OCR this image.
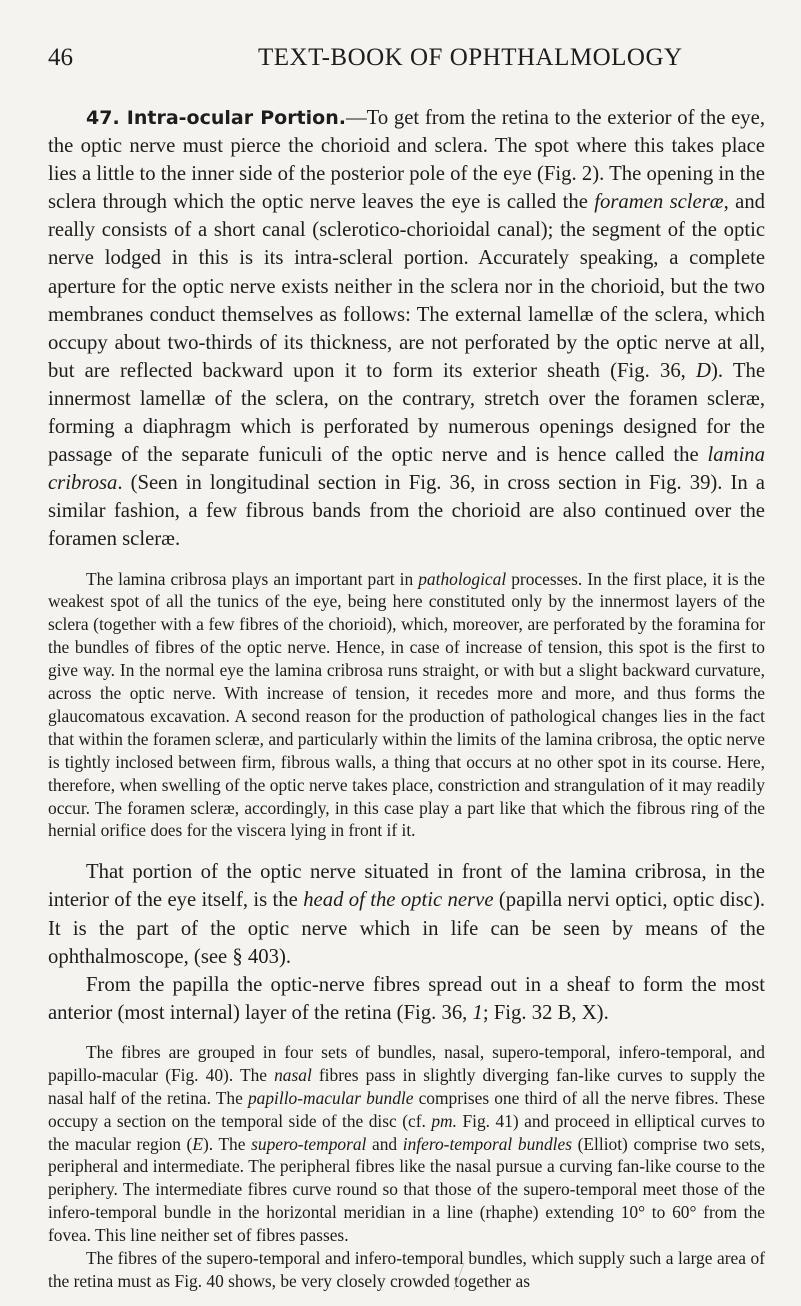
46	TEXT-BOOK OF OPHTHALMOLOGY

47. Intra-ocular Portion.—To get from the retina to the exterior of the eye, the optic nerve must pierce the chorioid and sclera. The spot where this takes place lies a little to the inner side of the posterior pole of the eye (Fig. 2). The opening in the sclera through which the optic nerve leaves the eye is called the foramen scleræ, and really consists of a short canal (sclerotico-chorioidal canal); the segment of the optic nerve lodged in this is its intra-scleral portion. Accurately speaking, a complete aperture for the optic nerve exists neither in the sclera nor in the chorioid, but the two membranes conduct themselves as follows: The external lamellæ of the sclera, which occupy about two-thirds of its thickness, are not perforated by the optic nerve at all, but are reflected backward upon it to form its exterior sheath (Fig. 36, D). The innermost lamellæ of the sclera, on the contrary, stretch over the foramen scleræ, forming a diaphragm which is perforated by numerous openings designed for the passage of the separate funiculi of the optic nerve and is hence called the lamina cribrosa. (Seen in longitudinal section in Fig. 36, in cross section in Fig. 39). In a similar fashion, a few fibrous bands from the chorioid are also continued over the foramen scleræ.

The lamina cribrosa plays an important part in pathological processes. In the first place, it is the weakest spot of all the tunics of the eye, being here constituted only by the innermost layers of the sclera (together with a few fibres of the chorioid), which, moreover, are perforated by the foramina for the bundles of fibres of the optic nerve. Hence, in case of increase of tension, this spot is the first to give way. In the normal eye the lamina cribrosa runs straight, or with but a slight backward curvature, across the optic nerve. With increase of tension, it recedes more and more, and thus forms the glaucomatous excavation. A second reason for the production of pathological changes lies in the fact that within the foramen scleræ, and particularly within the limits of the lamina cribrosa, the optic nerve is tightly inclosed between firm, fibrous walls, a thing that occurs at no other spot in its course. Here, therefore, when swelling of the optic nerve takes place, constriction and strangulation of it may readily occur. The foramen scleræ, accordingly, in this case play a part like that which the fibrous ring of the hernial orifice does for the viscera lying in front if it.

That portion of the optic nerve situated in front of the lamina cribrosa, in the interior of the eye itself, is the head of the optic nerve (papilla nervi optici, optic disc). It is the part of the optic nerve which in life can be seen by means of the ophthalmoscope, (see § 403).

From the papilla the optic-nerve fibres spread out in a sheaf to form the most anterior (most internal) layer of the retina (Fig. 36, 1; Fig. 32 B, X).

The fibres are grouped in four sets of bundles, nasal, supero-temporal, infero-temporal, and papillo-macular (Fig. 40). The nasal fibres pass in slightly diverging fan-like curves to supply the nasal half of the retina. The papillo-macular bundle comprises one third of all the nerve fibres. These occupy a section on the temporal side of the disc (cf. pm. Fig. 41) and proceed in elliptical curves to the macular region (E). The supero-temporal and infero-temporal bundles (Elliot) comprise two sets, peripheral and intermediate. The peripheral fibres like the nasal pursue a curving fan-like course to the periphery. The intermediate fibres curve round so that those of the supero-temporal meet those of the infero-temporal bundle in the horizontal meridian in a line (rhaphe) extending 10° to 60° from the fovea. This line neither set of fibres passes.

The fibres of the supero-temporal and infero-temporal bundles, which supply such a large area of the retina must as Fig. 40 shows, be very closely crowded together as
